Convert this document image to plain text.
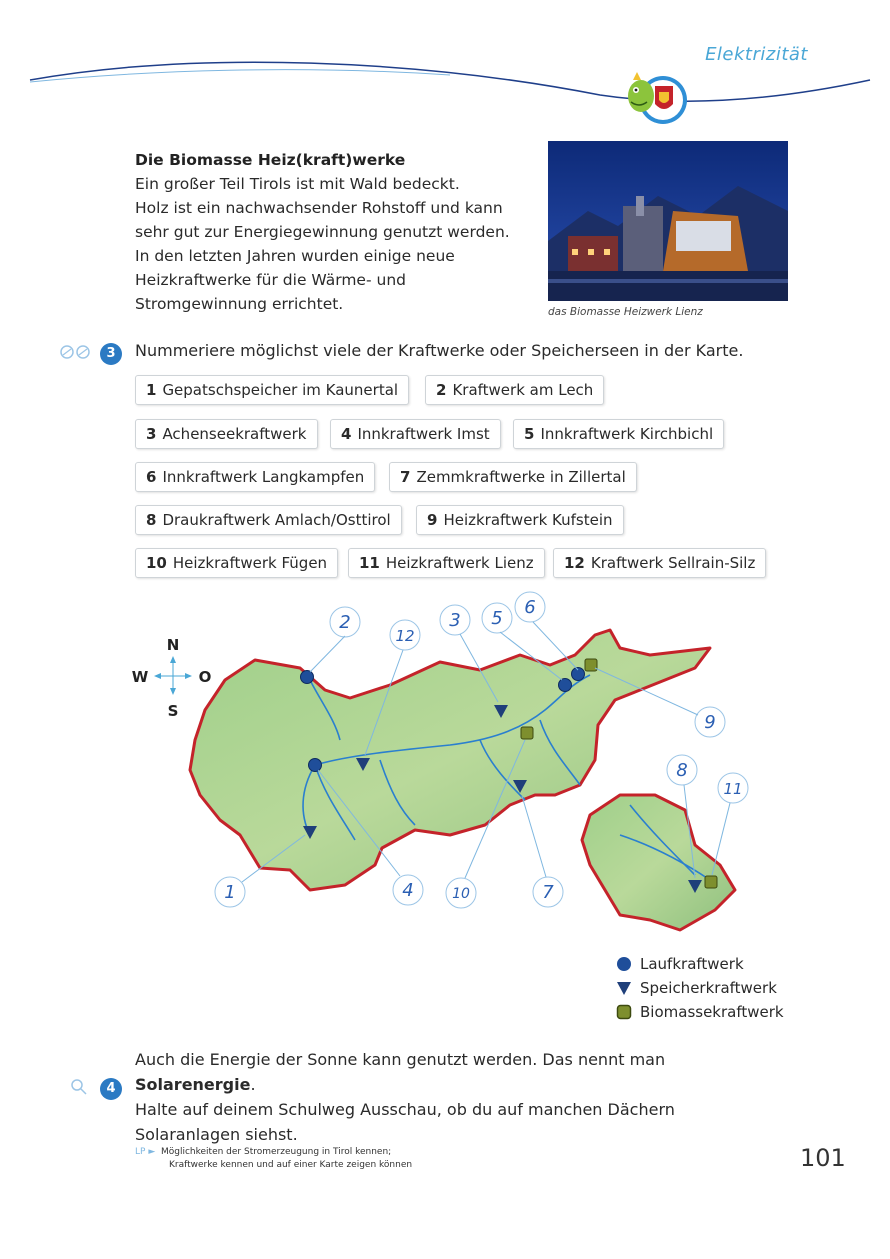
Elektrizität
Die Biomasse Heiz(kraft)werke
Ein großer Teil Tirols ist mit Wald bedeckt.
Holz ist ein nachwachsender Rohstoff und kann
sehr gut zur Energiegewinnung genutzt werden.
In den letzten Jahren wurden einige neue
Heizkraftwerke für die Wärme- und
Stromgewinnung errichtet.	das Biomasse Heizwerk Lienz
3	Nummeriere möglichst viele der Kraftwerke oder Speicherseen in der Karte.
1 Gepatschspeicher im Kaunertal	2 Kraftwerk am Lech
3 Achenseekraftwerk	4 Innkraftwerk Imst	5 Innkraftwerk Kirchbichl
6 Innkraftwerk Langkampfen	7 Zemmkraftwerke in Zillertal
8 Draukraftwerk Amlach/Osttirol	9 Heizkraftwerk Kufstein
10 Heizkraftwerk Fügen	11 Heizkraftwerk Lienz	12 Kraftwerk Sellrain-Silz
N
W	O
S
2
12
3 5
6
9
8
11
1	4	10	7
Laufkraftwerk
Speicherkraftwerk
Biomassekraftwerk
Auch die Energie der Sonne kann genutzt werden. Das nennt man Solarenergie.
Halte auf deinem Schulweg Ausschau, ob du auf manchen Dächern
Solaranlagen siehst.
4
LP ►  Möglichkeiten der Stromerzeugung in Tirol kennen;
Kraftwerke kennen und auf einer Karte zeigen können	101
